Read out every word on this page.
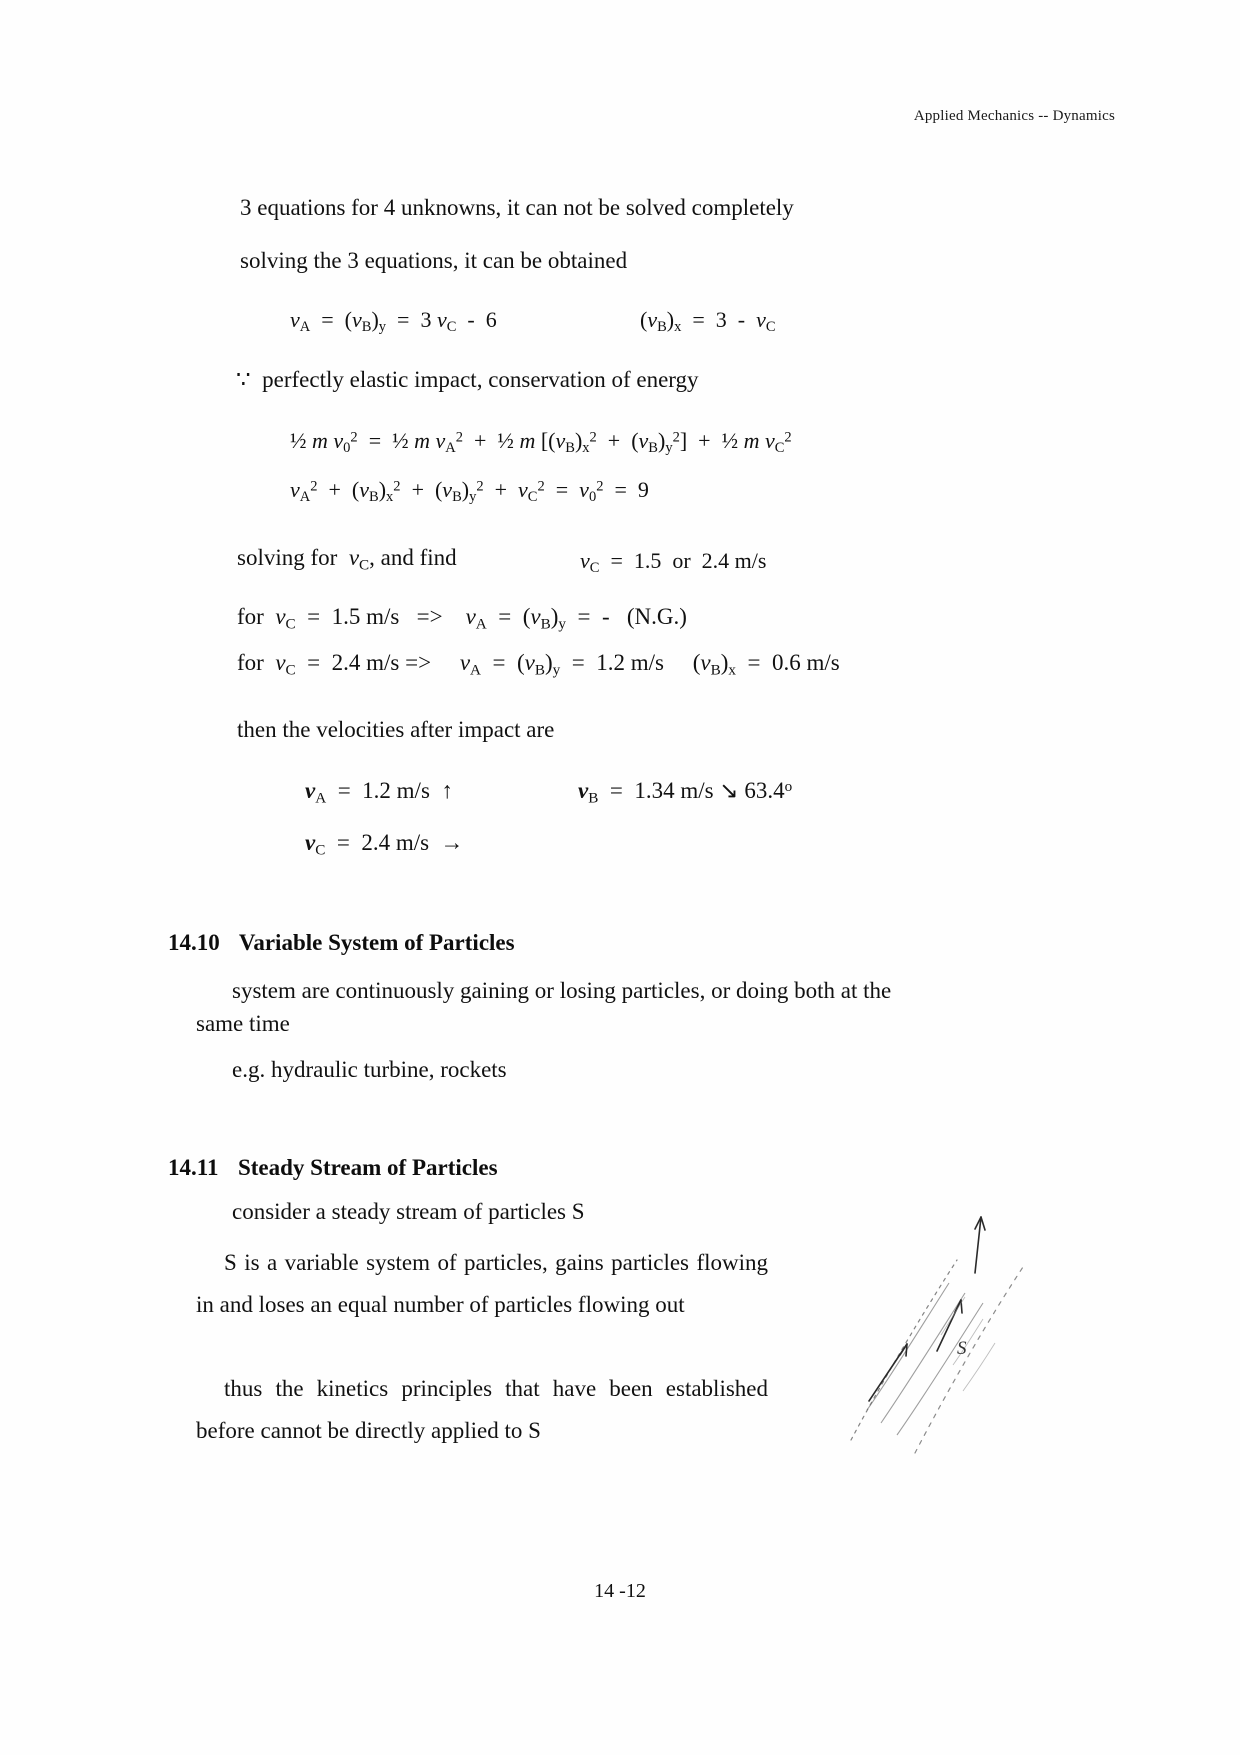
Applied Mechanics -- Dynamics
3 equations for 4 unknowns, it can not be solved completely
solving the 3 equations, it can be obtained
$v_A = (v_B)_y = 3$ $v_C - 6$	$(v_B)_x = 3 - v_C$
∵  perfectly elastic impact, conservation of energy
½ m $v_0^2$  =  ½ m $v_A^2$  +  ½ m $[(v_B)_x^2 + (v_B)_y^2]$  +  ½ m $v_C^2$
$v_A^2 + (v_B)_x^2 + (v_B)_y^2 + v_C^2 = v_0^2 = 9$
solving for  $v_C$, and find	$v_C = 1.5$  or  2.4 m/s
for  $v_C = 1.5$ m/s   =>    $v_A = (v_B)_y$  =  -   (N.G.)
for  $v_C = 2.4$ m/s =>     $v_A = (v_B)_y = 1.2$ m/s     $(v_B)_x = 0.6$ m/s
then the velocities after impact are
$v_A = 1.2$ m/s  ↑	$v_B = 1.34$ m/s ↘ 63.4$^o$
$v_C = 2.4$ m/s  →
14.10 Variable System of Particles
system are continuously gaining or losing particles, or doing both at the
same time
e.g. hydraulic turbine, rockets
14.11 Steady Stream of Particles
consider a steady stream of particles S
S is a variable system of particles, gains particles flowing in and loses an equal number of particles flowing out
thus the kinetics principles that have been established before cannot be directly applied to S
S
14 -12
